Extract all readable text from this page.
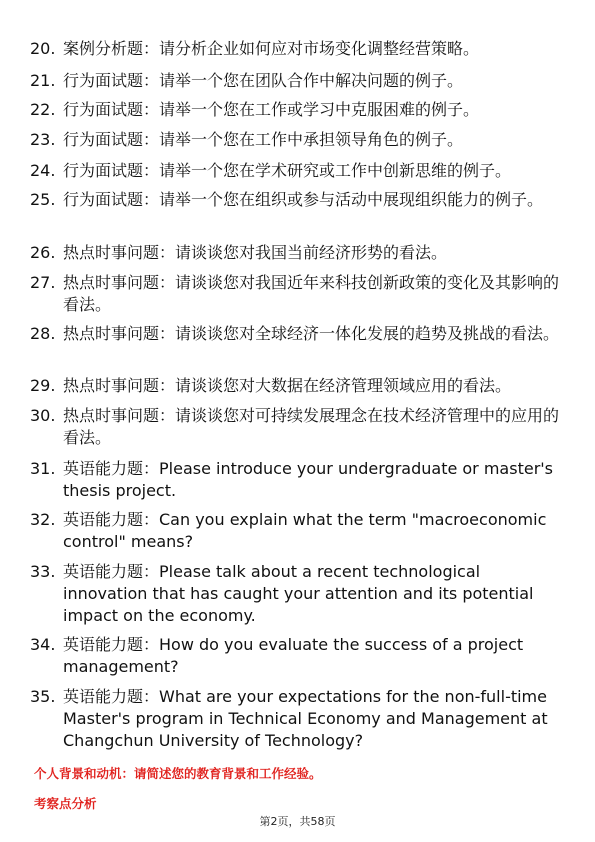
20. 案例分析题：请分析企业如何应对市场变化调整经营策略。
21. 行为面试题：请举一个您在团队合作中解决问题的例子。
22. 行为面试题：请举一个您在工作或学习中克服困难的例子。
23. 行为面试题：请举一个您在工作中承担领导角色的例子。
24. 行为面试题：请举一个您在学术研究或工作中创新思维的例子。
25. 行为面试题：请举一个您在组织或参与活动中展现组织能力的例子。
26. 热点时事问题：请谈谈您对我国当前经济形势的看法。
27. 热点时事问题：请谈谈您对我国近年来科技创新政策的变化及其影响的看法。
28. 热点时事问题：请谈谈您对全球经济一体化发展的趋势及挑战的看法。
29. 热点时事问题：请谈谈您对大数据在经济管理领域应用的看法。
30. 热点时事问题：请谈谈您对可持续发展理念在技术经济管理中的应用的看法。
31. 英语能力题：Please introduce your undergraduate or master's thesis project.
32. 英语能力题：Can you explain what the term "macroeconomic control" means?
33. 英语能力题：Please talk about a recent technological innovation that has caught your attention and its potential impact on the economy.
34. 英语能力题：How do you evaluate the success of a project management?
35. 英语能力题：What are your expectations for the non-full-time Master's program in Technical Economy and Management at Changchun University of Technology?
个人背景和动机：请简述您的教育背景和工作经验。
考察点分析
第2页，共58页
